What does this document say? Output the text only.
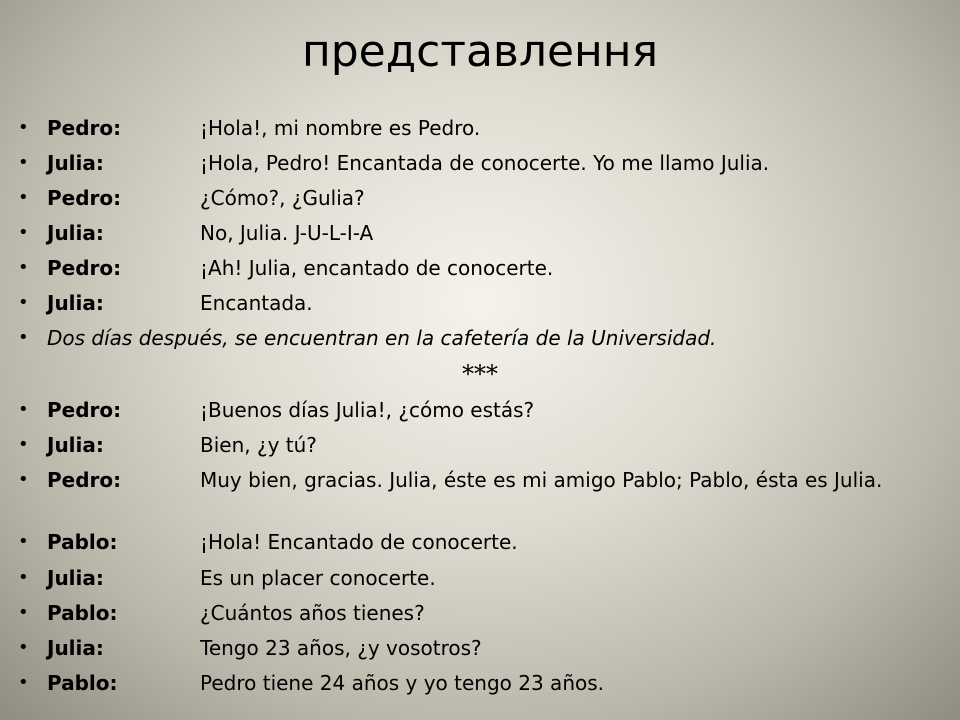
представлення
• Pedro:	¡Hola!, mi nombre es Pedro.
• Julia:	¡Hola, Pedro! Encantada de conocerte. Yo me llamo Julia.
• Pedro:	¿Cómo?, ¿Gulia?
• Julia:	No, Julia. J-U-L-I-A
• Pedro:	¡Ah! Julia, encantado de conocerte.
• Julia:	Encantada.
• Dos días después, se encuentran en la cafetería de la Universidad.
***
• Pedro:	¡Buenos días Julia!, ¿cómo estás?
• Julia:	Bien, ¿y tú?
• Pedro:	Muy bien, gracias. Julia, éste es mi amigo Pablo; Pablo, ésta es Julia.
• Pablo:	¡Hola! Encantado de conocerte.
• Julia:	Es un placer conocerte.
• Pablo:	¿Cuántos años tienes?
• Julia:	Tengo 23 años, ¿y vosotros?
• Pablo:	Pedro tiene 24 años y yo tengo 23 años.
